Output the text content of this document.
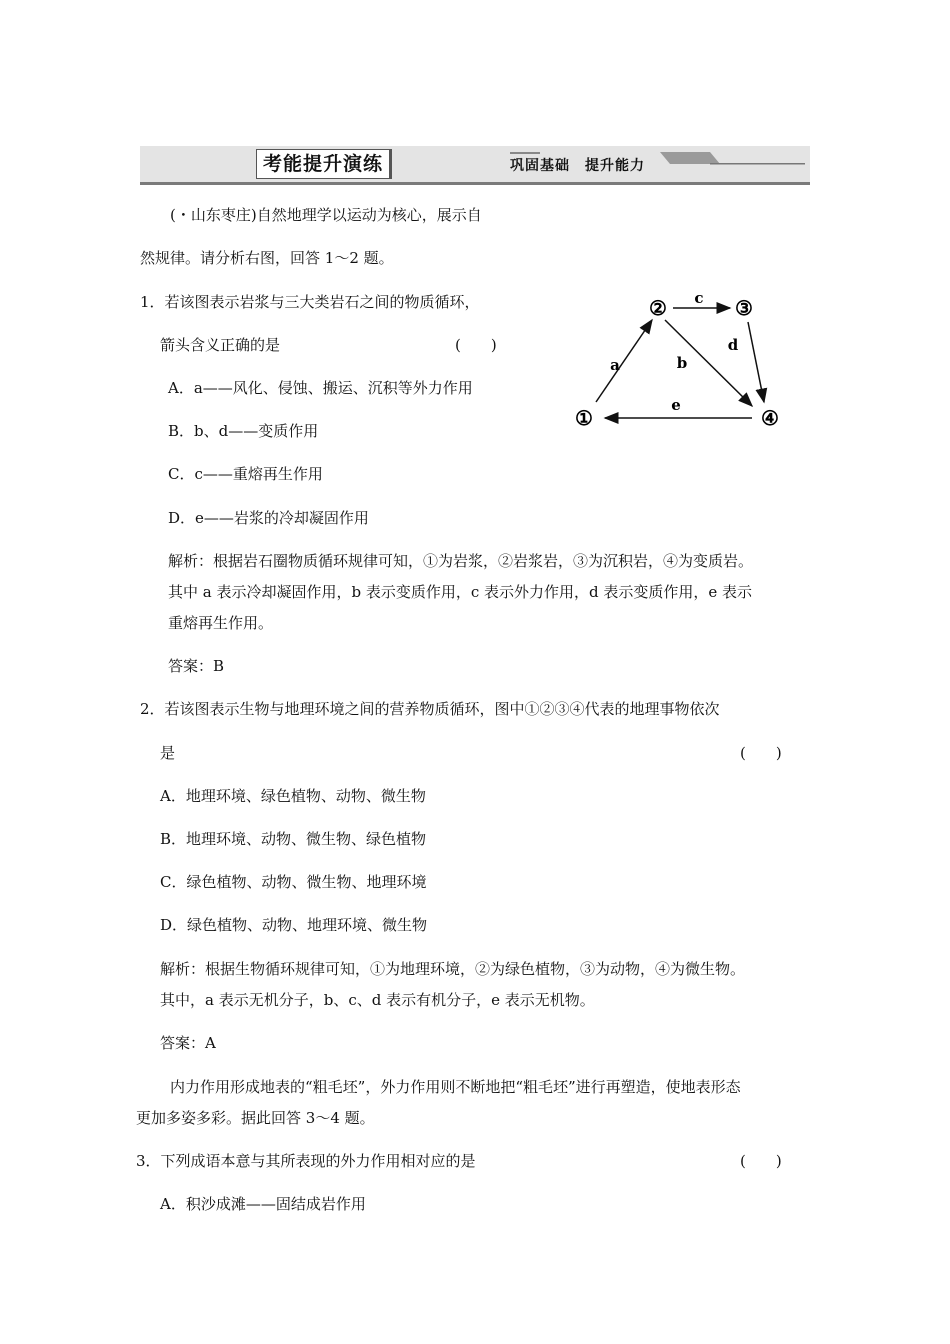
考能提升演练	巩固基础　提升能力
(・山东枣庄)自然地理学以运动为核心，展示自
然规律。请分析右图，回答 1～2 题。
①
②	③
④
a	b
c
d
e
1．若该图表示岩浆与三大类岩石之间的物质循环，
箭头含义正确的是	(　　)
A．a——风化、侵蚀、搬运、沉积等外力作用
B．b、d——变质作用
C．c——重熔再生作用
D．e——岩浆的冷却凝固作用
解析：根据岩石圈物质循环规律可知，①为岩浆，②岩浆岩，③为沉积岩，④为变质岩。
其中 a 表示冷却凝固作用，b 表示变质作用，c 表示外力作用，d 表示变质作用，e 表示
重熔再生作用。
答案：B
2．若该图表示生物与地理环境之间的营养物质循环，图中①②③④代表的地理事物依次
是	(　　)
A．地理环境、绿色植物、动物、微生物
B．地理环境、动物、微生物、绿色植物
C．绿色植物、动物、微生物、地理环境
D．绿色植物、动物、地理环境、微生物
解析：根据生物循环规律可知，①为地理环境，②为绿色植物，③为动物，④为微生物。
其中，a 表示无机分子，b、c、d 表示有机分子，e 表示无机物。
答案：A
内力作用形成地表的“粗毛坯”，外力作用则不断地把“粗毛坯”进行再塑造，使地表形态
更加多姿多彩。据此回答 3～4 题。
3．下列成语本意与其所表现的外力作用相对应的是	(　　)
A．积沙成滩——固结成岩作用
